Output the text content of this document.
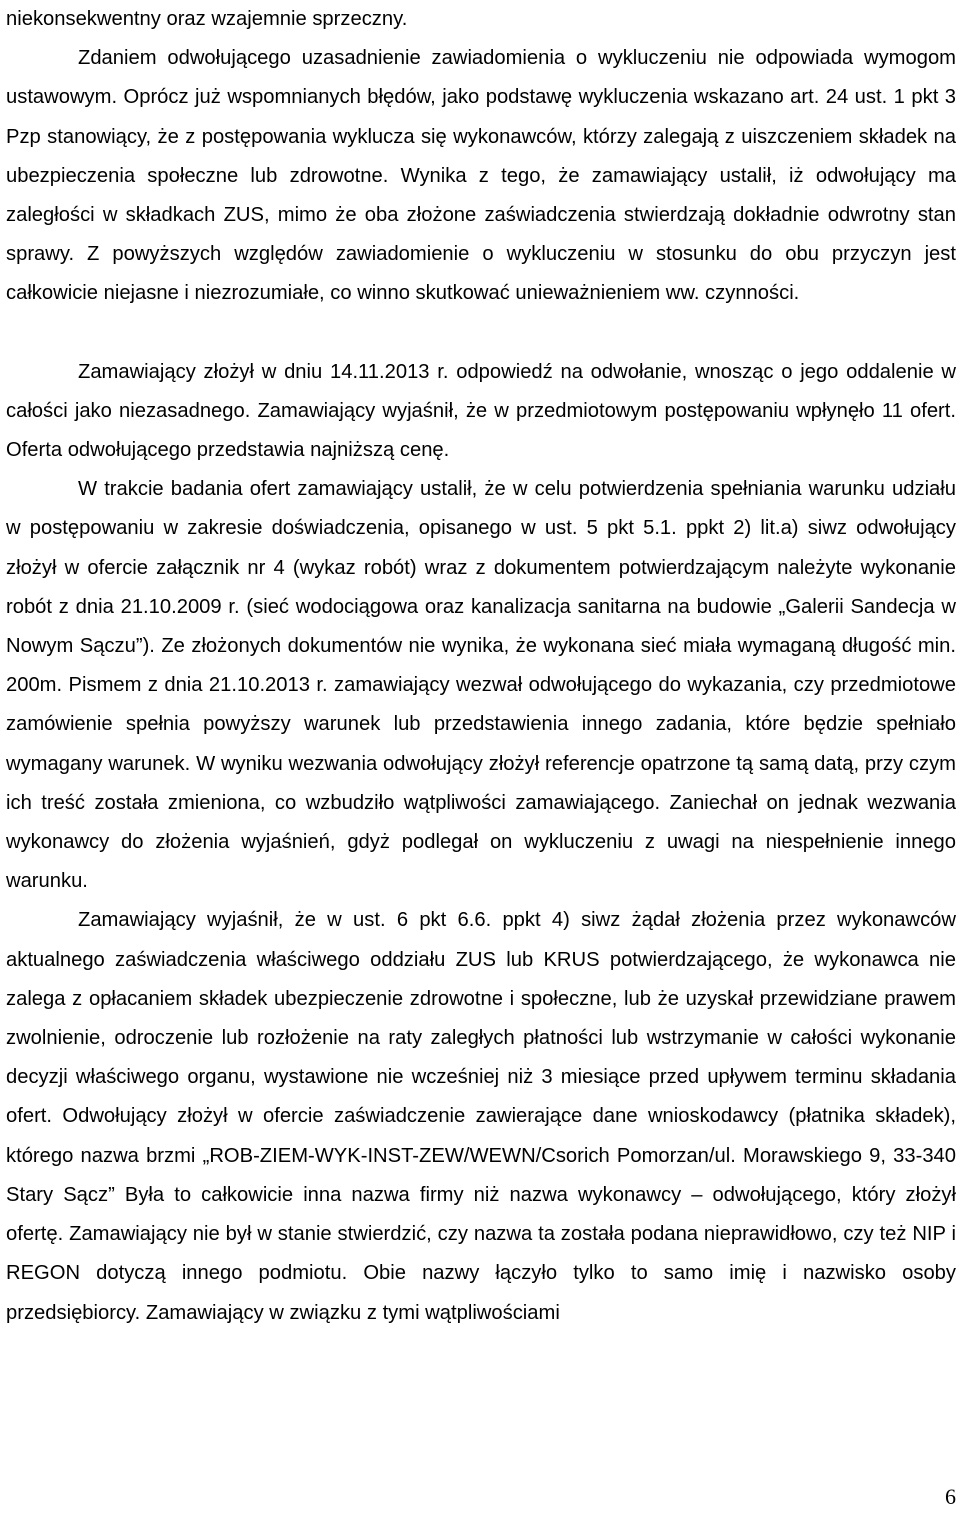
niekonsekwentny oraz wzajemnie sprzeczny.

Zdaniem odwołującego uzasadnienie zawiadomienia o wykluczeniu nie odpowiada wymogom ustawowym. Oprócz już wspomnianych błędów, jako podstawę wykluczenia wskazano art. 24 ust. 1 pkt 3 Pzp stanowiący, że z postępowania wyklucza się wykonawców, którzy zalegają z uiszczeniem składek na ubezpieczenia społeczne lub zdrowotne. Wynika z tego, że zamawiający ustalił, iż odwołujący ma zaległości w składkach ZUS, mimo że oba złożone zaświadczenia stwierdzają dokładnie odwrotny stan sprawy. Z powyższych względów zawiadomienie o wykluczeniu w stosunku do obu przyczyn jest całkowicie niejasne i niezrozumiałe, co winno skutkować unieważnieniem ww. czynności.

Zamawiający złożył w dniu 14.11.2013 r. odpowiedź na odwołanie, wnosząc o jego oddalenie w całości jako niezasadnego. Zamawiający wyjaśnił, że w przedmiotowym postępowaniu wpłynęło 11 ofert. Oferta odwołującego przedstawia najniższą cenę.

W trakcie badania ofert zamawiający ustalił, że w celu potwierdzenia spełniania warunku udziału w postępowaniu w zakresie doświadczenia, opisanego w ust. 5 pkt 5.1. ppkt 2) lit.a) siwz odwołujący złożył w ofercie załącznik nr 4 (wykaz robót) wraz z dokumentem potwierdzającym należyte wykonanie robót z dnia 21.10.2009 r. (sieć wodociągowa oraz kanalizacja sanitarna na budowie „Galerii Sandecja w Nowym Sączu”). Ze złożonych dokumentów nie wynika, że wykonana sieć miała wymaganą długość min. 200m. Pismem z dnia 21.10.2013 r. zamawiający wezwał odwołującego do wykazania, czy przedmiotowe zamówienie spełnia powyższy warunek lub przedstawienia innego zadania, które będzie spełniało wymagany warunek. W wyniku wezwania odwołujący złożył referencje opatrzone tą samą datą, przy czym ich treść została zmieniona, co wzbudziło wątpliwości zamawiającego. Zaniechał on jednak wezwania wykonawcy do złożenia wyjaśnień, gdyż podlegał on wykluczeniu z uwagi na niespełnienie innego warunku.

Zamawiający wyjaśnił, że w ust. 6 pkt 6.6. ppkt 4) siwz żądał złożenia przez wykonawców aktualnego zaświadczenia właściwego oddziału ZUS lub KRUS potwierdzającego, że wykonawca nie zalega z opłacaniem składek ubezpieczenie zdrowotne i społeczne, lub że uzyskał przewidziane prawem zwolnienie, odroczenie lub rozłożenie na raty zaległych płatności lub wstrzymanie w całości wykonanie decyzji właściwego organu, wystawione nie wcześniej niż 3 miesiące przed upływem terminu składania ofert. Odwołujący złożył w ofercie zaświadczenie zawierające dane wnioskodawcy (płatnika składek), którego nazwa brzmi „ROB-ZIEM-WYK-INST-ZEW/WEWN/Csorich Pomorzan/ul. Morawskiego 9, 33-340 Stary Sącz” Była to całkowicie inna nazwa firmy niż nazwa wykonawcy – odwołującego, który złożył ofertę. Zamawiający nie był w stanie stwierdzić, czy nazwa ta została podana nieprawidłowo, czy też NIP i REGON dotyczą innego podmiotu. Obie nazwy łączyło tylko to samo imię i nazwisko osoby przedsiębiorcy. Zamawiający w związku z tymi wątpliwościami

6
